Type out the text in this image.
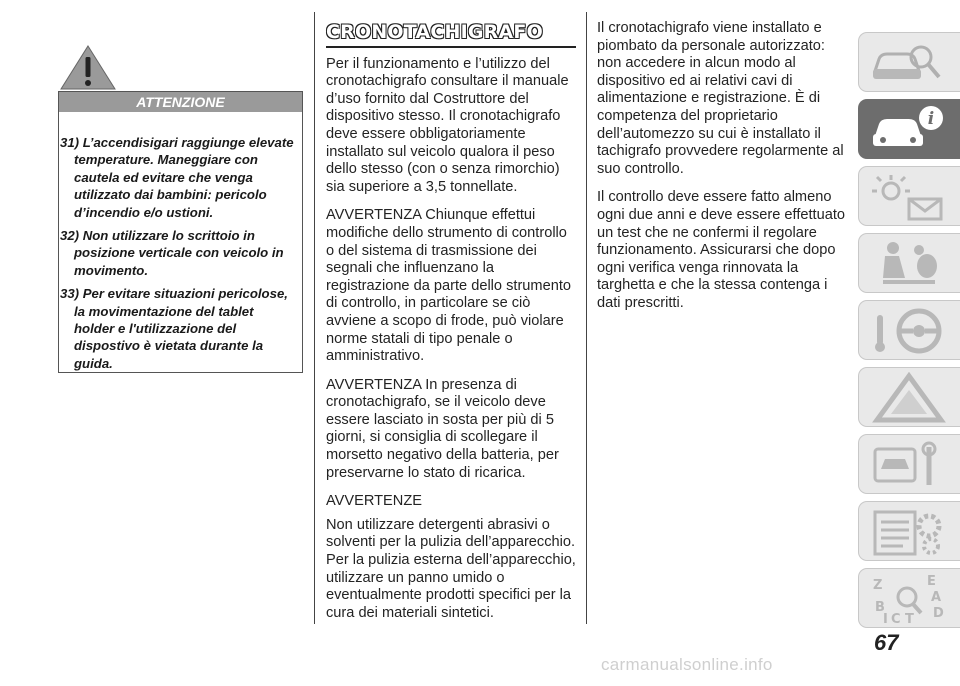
ATTENZIONE
31) L’accendisigari raggiunge elevate temperature. Maneggiare con cautela ed evitare che venga utilizzato dai bambini: pericolo d’incendio e/o ustioni.
32) Non utilizzare lo scrittoio in posizione verticale con veicolo in movimento.
33) Per evitare situazioni pericolose, la movimentazione del tablet holder e l'utilizzazione del dispostivo è vietata durante la guida.
CRONOTACHIGRAFO

Per il funzionamento e l’utilizzo del cronotachigrafo consultare il manuale d’uso fornito dal Costruttore del dispositivo stesso. Il cronotachigrafo deve essere obbligatoriamente installato sul veicolo qualora il peso dello stesso (con o senza rimorchio) sia superiore a 3,5 tonnellate.

AVVERTENZA Chiunque effettui modifiche dello strumento di controllo o del sistema di trasmissione dei segnali che influenzano la registrazione da parte dello strumento di controllo, in particolare se ciò avviene a scopo di frode, può violare norme statali di tipo penale o amministrativo.

AVVERTENZA In presenza di cronotachigrafo, se il veicolo deve essere lasciato in sosta per più di 5 giorni, si consiglia di scollegare il morsetto negativo della batteria, per preservarne lo stato di ricarica.

AVVERTENZE

Non utilizzare detergenti abrasivi o solventi per la pulizia dell’apparecchio. Per la pulizia esterna dell’apparecchio, utilizzare un panno umido o eventualmente prodotti specifici per la cura dei materiali sintetici.

Il cronotachigrafo viene installato e piombato da personale autorizzato: non accedere in alcun modo al dispositivo ed ai relativi cavi di alimentazione e registrazione. È di competenza del proprietario dell’automezzo su cui è installato il tachigrafo provvedere regolarmente al suo controllo.

Il controllo deve essere fatto almeno ogni due anni e deve essere effettuato un test che ne confermi il regolare funzionamento. Assicurarsi che dopo ogni verifica venga rinnovata la targhetta e che la stessa contenga i dati prescritti.

i
Z	E
A
B
I C T D
67
carmanualsonline.info
